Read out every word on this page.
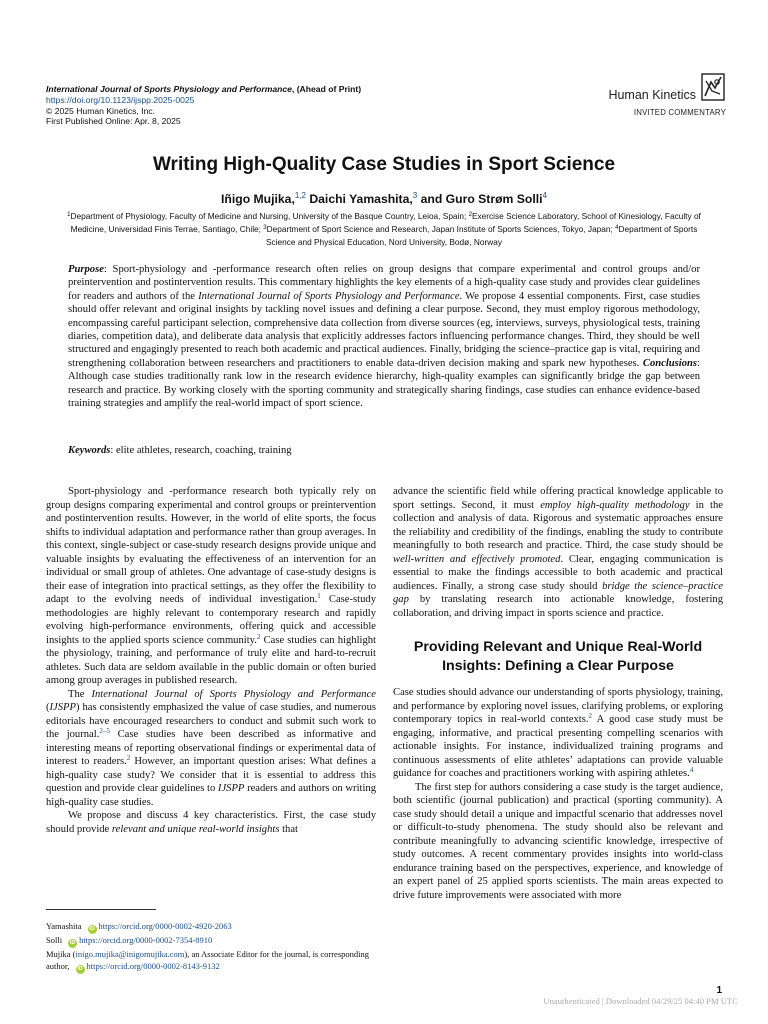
International Journal of Sports Physiology and Performance, (Ahead of Print)
https://doi.org/10.1123/ijspp.2025-0025
© 2025 Human Kinetics, Inc.
First Published Online: Apr. 8, 2025
Human Kinetics
INVITED COMMENTARY
Writing High-Quality Case Studies in Sport Science
Iñigo Mujika,$^{1,2}$ Daichi Yamashita,$^3$ and Guro Strøm Solli$^4$
$^1$Department of Physiology, Faculty of Medicine and Nursing, University of the Basque Country, Leioa, Spain; $^2$Exercise Science Laboratory, School of Kinesiology, Faculty of Medicine, Universidad Finis Terrae, Santiago, Chile; $^3$Department of Sport Science and Research, Japan Institute of Sports Sciences, Tokyo, Japan; $^4$Department of Sports Science and Physical Education, Nord University, Bodø, Norway
Purpose: Sport-physiology and -performance research often relies on group designs that compare experimental and control groups and/or preintervention and postintervention results. This commentary highlights the key elements of a high-quality case study and provides clear guidelines for readers and authors of the International Journal of Sports Physiology and Performance. We propose 4 essential components. First, case studies should offer relevant and original insights by tackling novel issues and defining a clear purpose. Second, they must employ rigorous methodology, encompassing careful participant selection, comprehensive data collection from diverse sources (eg, interviews, surveys, physiological tests, training diaries, competition data), and deliberate data analysis that explicitly addresses factors influencing performance changes. Third, they should be well structured and engagingly presented to reach both academic and practical audiences. Finally, bridging the science–practice gap is vital, requiring and strengthening collaboration between researchers and practitioners to enable data-driven decision making and spark new hypotheses. Conclusions: Although case studies traditionally rank low in the research evidence hierarchy, high-quality examples can significantly bridge the gap between research and practice. By working closely with the sporting community and strategically sharing findings, case studies can enhance evidence-based training strategies and amplify the real-world impact of sport science.
Keywords: elite athletes, research, coaching, training

Sport-physiology and -performance research both typically rely on group designs comparing experimental and control groups or preintervention and postintervention results. However, in the world of elite sports, the focus shifts to individual adaptation and performance rather than group averages. In this context, single-subject or case-study research designs provide unique and valuable insights by evaluating the effectiveness of an intervention for an individual or small group of athletes. One advantage of case-study designs is their ease of integration into practical settings, as they offer the flexibility to adapt to the evolving needs of individual investigation.$^1$ Case-study methodologies are highly relevant to contemporary research and rapidly evolving high-performance environments, offering quick and accessible insights to the applied sports science community.$^2$ Case studies can highlight the physiology, training, and performance of truly elite and hard-to-recruit athletes. Such data are seldom available in the public domain or often buried among group averages in published research.

The International Journal of Sports Physiology and Performance (IJSPP) has consistently emphasized the value of case studies, and numerous editorials have encouraged researchers to conduct and submit such work to the journal.$^{2-5}$ Case studies have been described as informative and interesting means of reporting observational findings or experimental data of interest to readers.$^2$ However, an important question arises: What defines a high-quality case study? We consider that it is essential to address this question and provide clear guidelines to IJSPP readers and authors on writing high-quality case studies.

We propose and discuss 4 key characteristics. First, the case study should provide relevant and unique real-world insights that

Yamashita iD https://orcid.org/0000-0002-4920-2063
Solli iD https://orcid.org/0000-0002-7354-8910
Mujika (inigo.mujika@inigomujika.com), an Associate Editor for the journal, is corresponding author, iD https://orcid.org/0000-0002-8143-9132

advance the scientific field while offering practical knowledge applicable to sport settings. Second, it must employ high-quality methodology in the collection and analysis of data. Rigorous and systematic approaches ensure the reliability and credibility of the findings, enabling the study to contribute meaningfully to both research and practice. Third, the case study should be well-written and effectively promoted. Clear, engaging communication is essential to make the findings accessible to both academic and practical audiences. Finally, a strong case study should bridge the science–practice gap by translating research into actionable knowledge, fostering collaboration, and driving impact in sports science and practice.

Providing Relevant and Unique Real-World Insights: Defining a Clear Purpose

Case studies should advance our understanding of sports physiology, training, and performance by exploring novel issues, clarifying problems, or exploring contemporary topics in real-world contexts.$^2$ A good case study must be engaging, informative, and practical presenting compelling scenarios with actionable insights. For instance, individualized training programs and continuous assessments of elite athletes’ adaptations can provide valuable guidance for coaches and practitioners working with aspiring athletes.$^4$

The first step for authors considering a case study is the target audience, both scientific (journal publication) and practical (sporting community). A case study should detail a unique and impactful scenario that addresses novel or difficult-to-study phenomena. The study should also be relevant and contribute meaningfully to advancing scientific knowledge, irrespective of study outcomes. A recent commentary provides insights into world-class endurance training based on the perspectives, experience, and knowledge of an expert panel of 25 applied sports scientists. The main areas expected to drive future improvements were associated with more

1
Unauthenticated | Downloaded 04/29/25 04:40 PM UTC
